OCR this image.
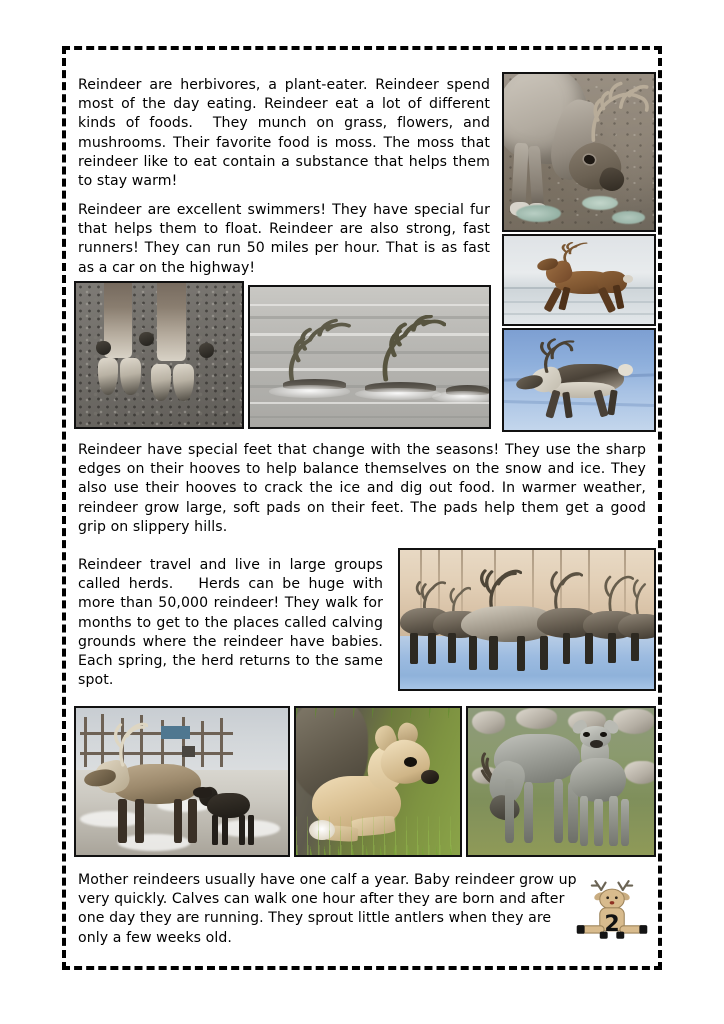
Reindeer are herbivores, a plant-eater. Reindeer spend most of the day eating. Reindeer eat a lot of different kinds of foods.  They munch on grass, flowers, and mushrooms. Their favorite food is moss. The moss that reindeer like to eat contain a substance that helps them to stay warm!
Reindeer are excellent swimmers! They have special fur that helps them to float. Reindeer are also strong, fast runners! They can run 50 miles per hour. That is as fast as a car on the highway!
Reindeer have special feet that change with the seasons! They use the sharp edges on their hooves to help balance themselves on the snow and ice. They also use their hooves to crack the ice and dig out food. In warmer weather, reindeer grow large, soft pads on their feet. The pads help them get a good grip on slippery hills.
Reindeer travel and live in large groups called herds.   Herds can be huge with  more than 50,000 reindeer! They walk for months to get to the places called calving grounds where the reindeer have babies. Each spring, the herd returns to the same spot.
Mother reindeers usually have one calf a year. Baby reindeer grow up very quickly. Calves can walk one hour after they are born and after one day they are running. They sprout little antlers when they are only a few weeks old.
2
